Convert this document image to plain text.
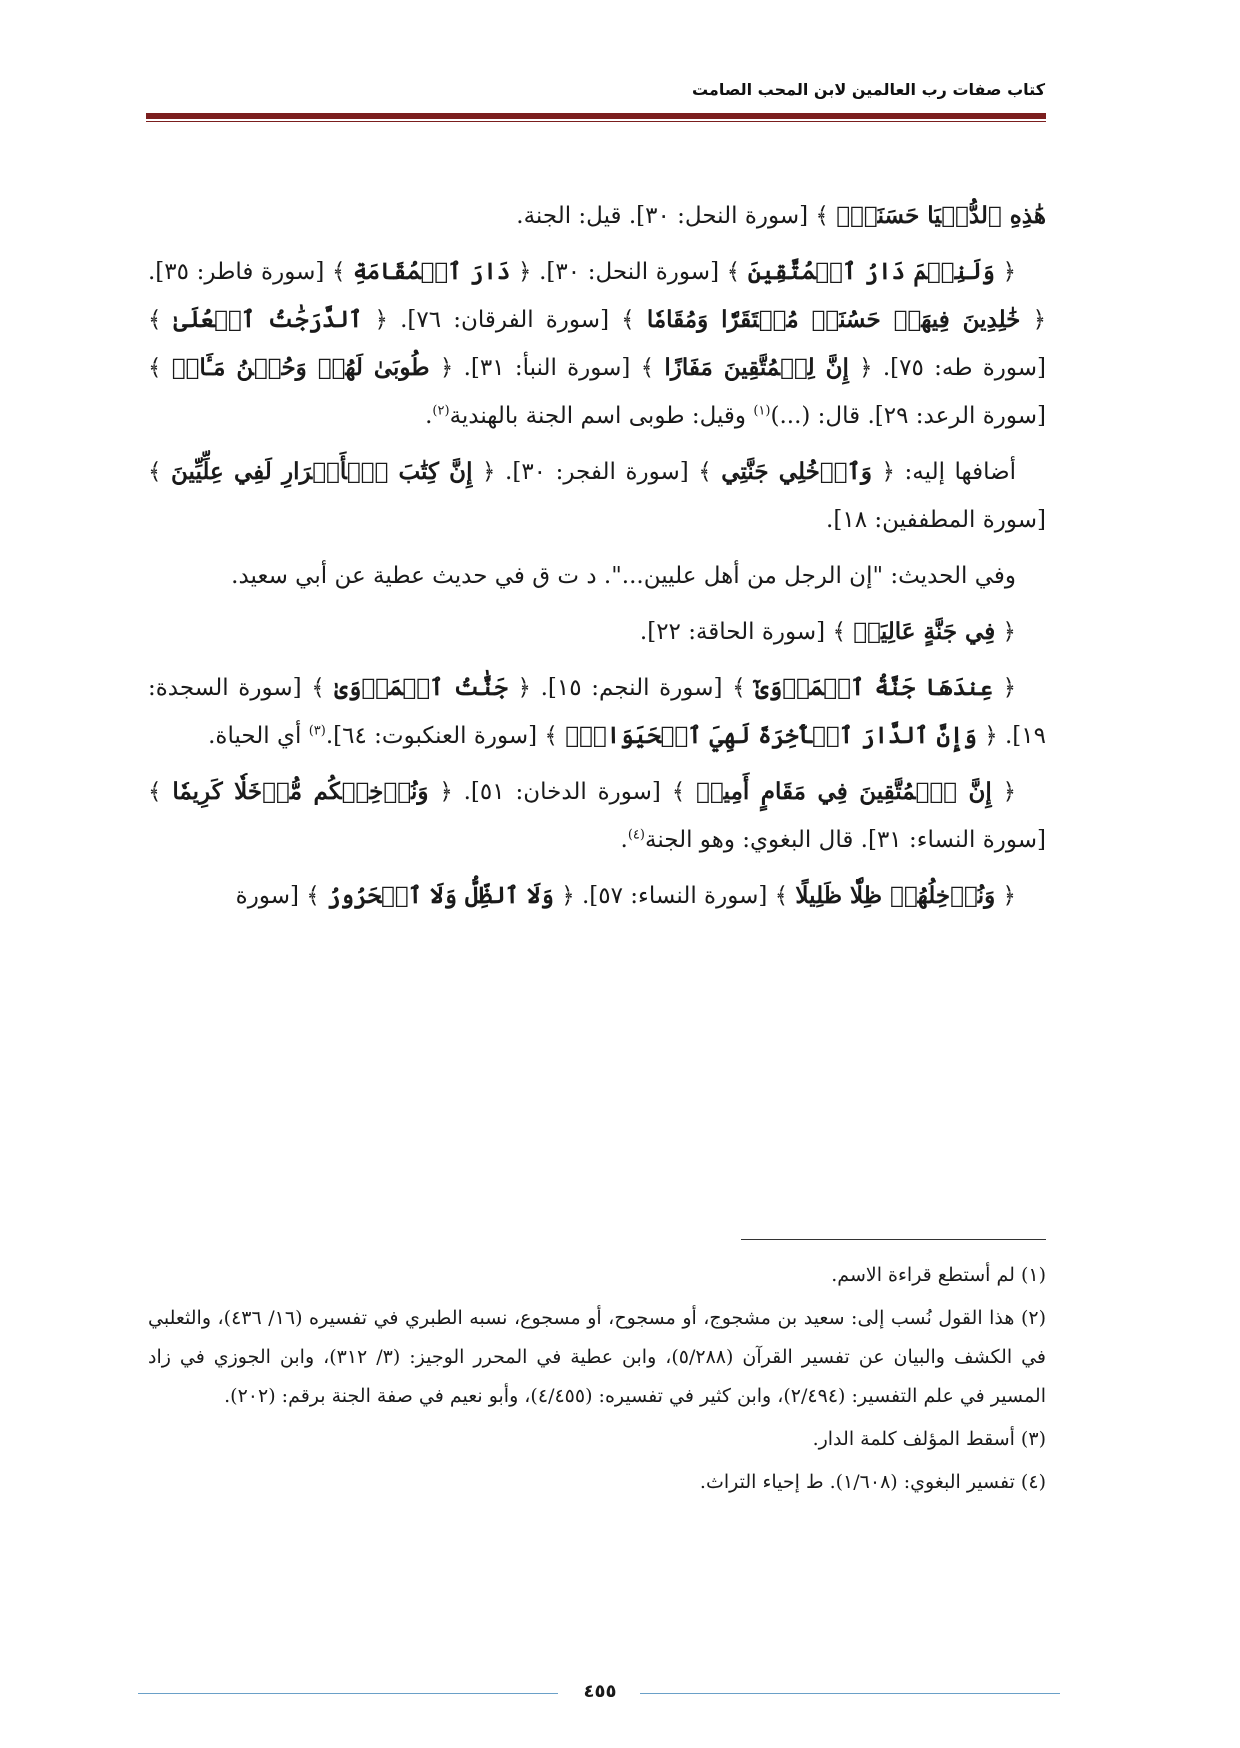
كتاب صفات رب العالمين لابن المحب الصامت

هَٰذِهِ ٱلدُّنۡيَا حَسَنَةٞۚ ﴾ [سورة النحل: ٣٠]. قيل: الجنة.

﴿ وَلَنِعۡمَ دَارُ ٱلۡمُتَّقِينَ ﴾ [سورة النحل: ٣٠]. ﴿ دَارَ ٱلۡمُقَامَةِ ﴾ [سورة فاطر: ٣٥]. ﴿ خَٰلِدِينَ فِيهَاۚ حَسُنَتۡ مُسۡتَقَرّٗا وَمُقَامٗا ﴾ [سورة الفرقان: ٧٦]. ﴿ ٱلدَّرَجَٰتُ ٱلۡعُلَىٰ ﴾ [سورة طه: ٧٥]. ﴿ إِنَّ لِلۡمُتَّقِينَ مَفَازًا ﴾ [سورة النبأ: ٣١]. ﴿ طُوبَىٰ لَهُمۡ وَحُسۡنُ مَـَٔابٖ ﴾ [سورة الرعد: ٢٩]. قال: (...)$^{(١)}$ وقيل: طوبى اسم الجنة بالهندية$^{(٢)}$.

أضافها إليه: ﴿ وَٱدۡخُلِي جَنَّتِي ﴾ [سورة الفجر: ٣٠]. ﴿ إِنَّ كِتَٰبَ ٱلۡأَبۡرَارِ لَفِي عِلِّيِّينَ ﴾ [سورة المطففين: ١٨].

وفي الحديث: "إن الرجل من أهل عليين...". د ت ق في حديث عطية عن أبي سعيد.

﴿ فِي جَنَّةٍ عَالِيَةٖ ﴾ [سورة الحاقة: ٢٢].

﴿ عِندَهَا جَنَّةُ ٱلۡمَأۡوَىٰٓ ﴾ [سورة النجم: ١٥]. ﴿ جَنَّٰتُ ٱلۡمَأۡوَىٰ ﴾ [سورة السجدة: ١٩]. ﴿ وَإِنَّ ٱلدَّارَ ٱلۡأٓخِرَةَ لَهِيَ ٱلۡحَيَوَانُۚ ﴾ [سورة العنكبوت: ٦٤].$^{(٣)}$ أي الحياة.

﴿ إِنَّ ٱلۡمُتَّقِينَ فِي مَقَامٍ أَمِينٖ ﴾ [سورة الدخان: ٥١]. ﴿ وَنُدۡخِلۡكُم مُّدۡخَلٗا كَرِيمٗا ﴾ [سورة النساء: ٣١]. قال البغوي: وهو الجنة$^{(٤)}$.

﴿ وَنُدۡخِلُهُمۡ ظِلّٗا ظَلِيلًا ﴾ [سورة النساء: ٥٧]. ﴿ وَلَا ٱلظِّلُّ وَلَا ٱلۡحَرُورُ ﴾ [سورة

(١) لم أستطع قراءة الاسم.

(٢) هذا القول نُسب إلى: سعيد بن مشجوج، أو مسجوح، أو مسجوع، نسبه الطبري في تفسيره (١٦/ ٤٣٦)، والثعلبي في الكشف والبيان عن تفسير القرآن (٥/٢٨٨)، وابن عطية في المحرر الوجيز: (٣/ ٣١٢)، وابن الجوزي في زاد المسير في علم التفسير: (٢/٤٩٤)، وابن كثير في تفسيره: (٤/٤٥٥)، وأبو نعيم في صفة الجنة برقم: (٢٠٢).

(٣) أسقط المؤلف كلمة الدار.

(٤) تفسير البغوي: (١/٦٠٨). ط إحياء التراث.

٤٥٥
